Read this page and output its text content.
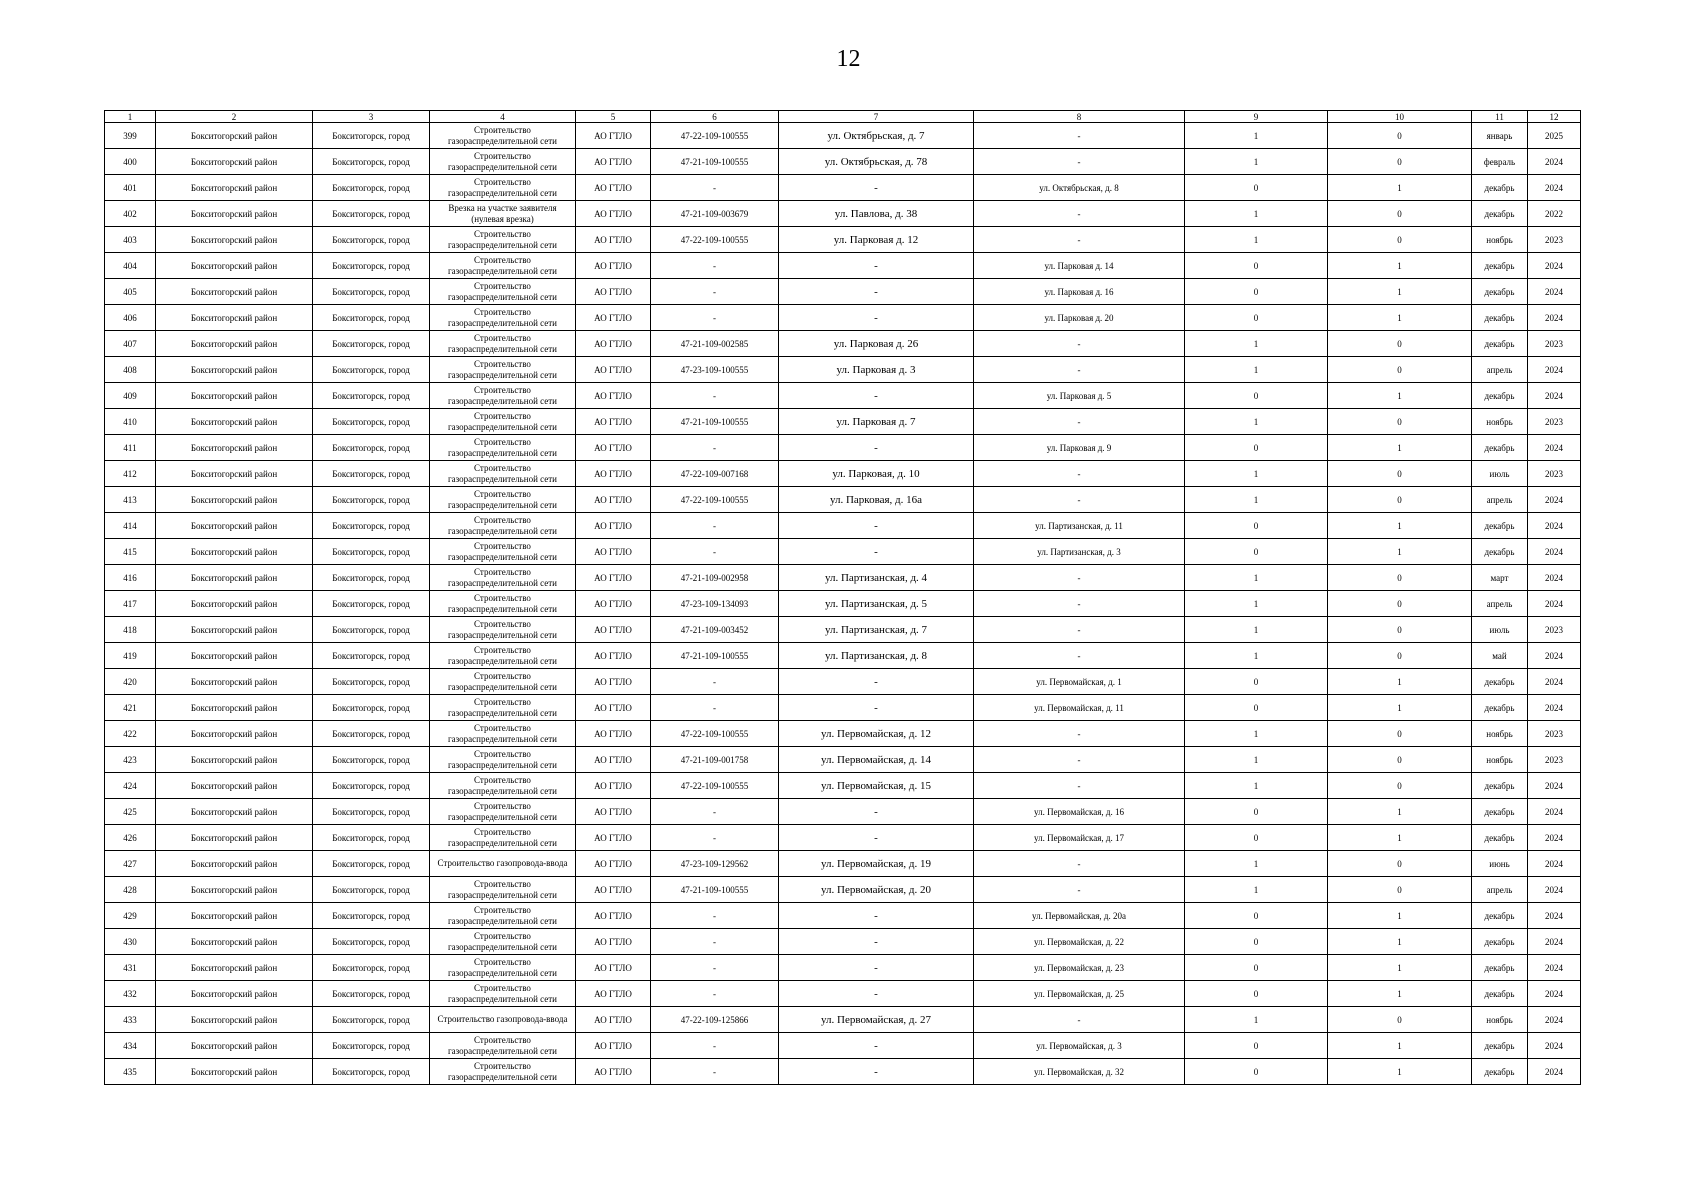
12
1	2	3	4	5	6	7	8	9	10	11	12
399	Бокситогорский район	Бокситогорск, город	Строительство газораспределительной сети	АО ГТЛО	47-22-109-100555	ул. Октябрьская, д. 7	-	1	0	январь	2025
400	Бокситогорский район	Бокситогорск, город	Строительство газораспределительной сети	АО ГТЛО	47-21-109-100555	ул. Октябрьская, д. 78	-	1	0	февраль	2024
401	Бокситогорский район	Бокситогорск, город	Строительство газораспределительной сети	АО ГТЛО	-	-	ул. Октябрьская, д. 8	0	1	декабрь	2024
402	Бокситогорский район	Бокситогорск, город	Врезка на участке заявителя (нулевая врезка)	АО ГТЛО	47-21-109-003679	ул. Павлова, д. 38	-	1	0	декабрь	2022
403	Бокситогорский район	Бокситогорск, город	Строительство газораспределительной сети	АО ГТЛО	47-22-109-100555	ул. Парковая д. 12	-	1	0	ноябрь	2023
404	Бокситогорский район	Бокситогорск, город	Строительство газораспределительной сети	АО ГТЛО	-	-	ул. Парковая д. 14	0	1	декабрь	2024
405	Бокситогорский район	Бокситогорск, город	Строительство газораспределительной сети	АО ГТЛО	-	-	ул. Парковая д. 16	0	1	декабрь	2024
406	Бокситогорский район	Бокситогорск, город	Строительство газораспределительной сети	АО ГТЛО	-	-	ул. Парковая д. 20	0	1	декабрь	2024
407	Бокситогорский район	Бокситогорск, город	Строительство газораспределительной сети	АО ГТЛО	47-21-109-002585	ул. Парковая д. 26	-	1	0	декабрь	2023
408	Бокситогорский район	Бокситогорск, город	Строительство газораспределительной сети	АО ГТЛО	47-23-109-100555	ул. Парковая д. 3	-	1	0	апрель	2024
409	Бокситогорский район	Бокситогорск, город	Строительство газораспределительной сети	АО ГТЛО	-	-	ул. Парковая д. 5	0	1	декабрь	2024
410	Бокситогорский район	Бокситогорск, город	Строительство газораспределительной сети	АО ГТЛО	47-21-109-100555	ул. Парковая д. 7	-	1	0	ноябрь	2023
411	Бокситогорский район	Бокситогорск, город	Строительство газораспределительной сети	АО ГТЛО	-	-	ул. Парковая д. 9	0	1	декабрь	2024
412	Бокситогорский район	Бокситогорск, город	Строительство газораспределительной сети	АО ГТЛО	47-22-109-007168	ул. Парковая, д. 10	-	1	0	июль	2023
413	Бокситогорский район	Бокситогорск, город	Строительство газораспределительной сети	АО ГТЛО	47-22-109-100555	ул. Парковая, д. 16а	-	1	0	апрель	2024
414	Бокситогорский район	Бокситогорск, город	Строительство газораспределительной сети	АО ГТЛО	-	-	ул. Партизанская, д. 11	0	1	декабрь	2024
415	Бокситогорский район	Бокситогорск, город	Строительство газораспределительной сети	АО ГТЛО	-	-	ул. Партизанская, д. 3	0	1	декабрь	2024
416	Бокситогорский район	Бокситогорск, город	Строительство газораспределительной сети	АО ГТЛО	47-21-109-002958	ул. Партизанская, д. 4	-	1	0	март	2024
417	Бокситогорский район	Бокситогорск, город	Строительство газораспределительной сети	АО ГТЛО	47-23-109-134093	ул. Партизанская, д. 5	-	1	0	апрель	2024
418	Бокситогорский район	Бокситогорск, город	Строительство газораспределительной сети	АО ГТЛО	47-21-109-003452	ул. Партизанская, д. 7	-	1	0	июль	2023
419	Бокситогорский район	Бокситогорск, город	Строительство газораспределительной сети	АО ГТЛО	47-21-109-100555	ул. Партизанская, д. 8	-	1	0	май	2024
420	Бокситогорский район	Бокситогорск, город	Строительство газораспределительной сети	АО ГТЛО	-	-	ул. Первомайская, д. 1	0	1	декабрь	2024
421	Бокситогорский район	Бокситогорск, город	Строительство газораспределительной сети	АО ГТЛО	-	-	ул. Первомайская, д. 11	0	1	декабрь	2024
422	Бокситогорский район	Бокситогорск, город	Строительство газораспределительной сети	АО ГТЛО	47-22-109-100555	ул. Первомайская, д. 12	-	1	0	ноябрь	2023
423	Бокситогорский район	Бокситогорск, город	Строительство газораспределительной сети	АО ГТЛО	47-21-109-001758	ул. Первомайская, д. 14	-	1	0	ноябрь	2023
424	Бокситогорский район	Бокситогорск, город	Строительство газораспределительной сети	АО ГТЛО	47-22-109-100555	ул. Первомайская, д. 15	-	1	0	декабрь	2024
425	Бокситогорский район	Бокситогорск, город	Строительство газораспределительной сети	АО ГТЛО	-	-	ул. Первомайская, д. 16	0	1	декабрь	2024
426	Бокситогорский район	Бокситогорск, город	Строительство газораспределительной сети	АО ГТЛО	-	-	ул. Первомайская, д. 17	0	1	декабрь	2024
427	Бокситогорский район	Бокситогорск, город	Строительство газопровода-ввода	АО ГТЛО	47-23-109-129562	ул. Первомайская, д. 19	-	1	0	июнь	2024
428	Бокситогорский район	Бокситогорск, город	Строительство газораспределительной сети	АО ГТЛО	47-21-109-100555	ул. Первомайская, д. 20	-	1	0	апрель	2024
429	Бокситогорский район	Бокситогорск, город	Строительство газораспределительной сети	АО ГТЛО	-	-	ул. Первомайская, д. 20а	0	1	декабрь	2024
430	Бокситогорский район	Бокситогорск, город	Строительство газораспределительной сети	АО ГТЛО	-	-	ул. Первомайская, д. 22	0	1	декабрь	2024
431	Бокситогорский район	Бокситогорск, город	Строительство газораспределительной сети	АО ГТЛО	-	-	ул. Первомайская, д. 23	0	1	декабрь	2024
432	Бокситогорский район	Бокситогорск, город	Строительство газораспределительной сети	АО ГТЛО	-	-	ул. Первомайская, д. 25	0	1	декабрь	2024
433	Бокситогорский район	Бокситогорск, город	Строительство газопровода-ввода	АО ГТЛО	47-22-109-125866	ул. Первомайская, д. 27	-	1	0	ноябрь	2024
434	Бокситогорский район	Бокситогорск, город	Строительство газораспределительной сети	АО ГТЛО	-	-	ул. Первомайская, д. 3	0	1	декабрь	2024
435	Бокситогорский район	Бокситогорск, город	Строительство газораспределительной сети	АО ГТЛО	-	-	ул. Первомайская, д. 32	0	1	декабрь	2024
